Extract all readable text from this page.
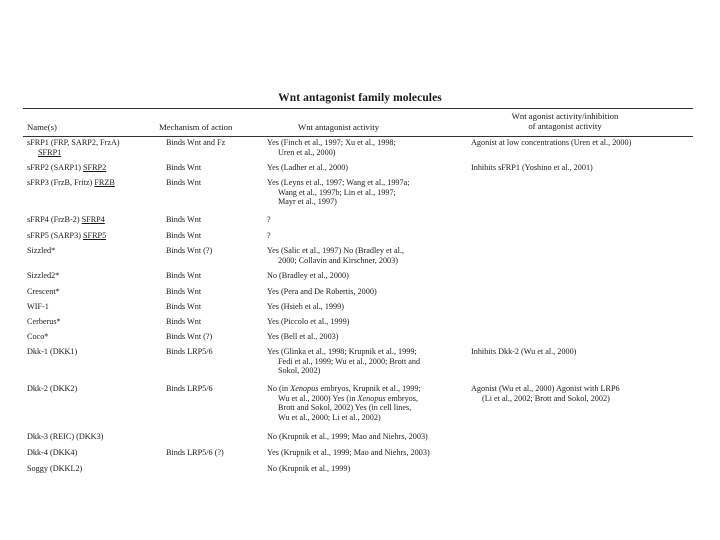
Wnt antagonist family molecules
Name(s)	Mechanism of action	Wnt antagonist activity
Wnt agonist activity/inhibition
of antagonist activity
sFRP1 (FRP, SARP2, FrzA)
SFRP1	Binds Wnt and Fz	Yes (Finch et al., 1997; Xu et al., 1998;
Uren et al., 2000)	Agonist at low concentrations (Uren et al., 2000)
sFRP2 (SARP1) SFRP2	Binds Wnt	Yes (Ladher et al., 2000)	Inhibits sFRP1 (Yoshino et al., 2001)
sFRP3 (FrzB, Fritz) FRZB	Binds Wnt	Yes (Leyns et al., 1997; Wang et al., 1997a;
Wang et al., 1997b; Lin et al., 1997;
Mayr et al., 1997)	

sFRP4 (FrzB-2) SFRP4	Binds Wnt	?	
sFRP5 (SARP3) SFRP5	Binds Wnt	?	
Sizzled*	Binds Wnt (?)	Yes (Salic et al., 1997) No (Bradley et al.,
2000; Collavin and Kirschner, 2003)	

Sizzled2*	Binds Wnt	No (Bradley et al., 2000)	
Crescent*	Binds Wnt	Yes (Pera and De Robertis, 2000)	
WIF-1	Binds Wnt	Yes (Hsieh et al., 1999)	
Cerberus*	Binds Wnt	Yes (Piccolo et al., 1999)	
Coco*	Binds Wnt (?)	Yes (Bell et al., 2003)	
Dkk-1 (DKK1)	Binds LRP5/6	Yes (Glinka et al., 1998; Krupnik et al., 1999;
Fedi et al., 1999; Wu et al., 2000; Brott and
Sokol, 2002)	Inhibits Dkk-2 (Wu et al., 2000)
Dkk-2 (DKK2)	Binds LRP5/6	No (in Xenopus embryos, Krupnik et al., 1999;
Wu et al., 2000) Yes (in Xenopus embryos,
Brott and Sokol, 2002) Yes (in cell lines,
Wu et al., 2000; Li et al., 2002)	Agonist (Wu et al., 2000) Agonist with LRP6
(Li et al., 2002; Brott and Sokol, 2002)

Dkk-3 (REIC) (DKK3)		No (Krupnik et al., 1999; Mao and Niehrs, 2003)	
Dkk-4 (DKK4)	Binds LRP5/6 (?)	Yes (Krupnik et al., 1999; Mao and Niehrs, 2003)	
Soggy (DKKL2)		No (Krupnik et al., 1999)	
